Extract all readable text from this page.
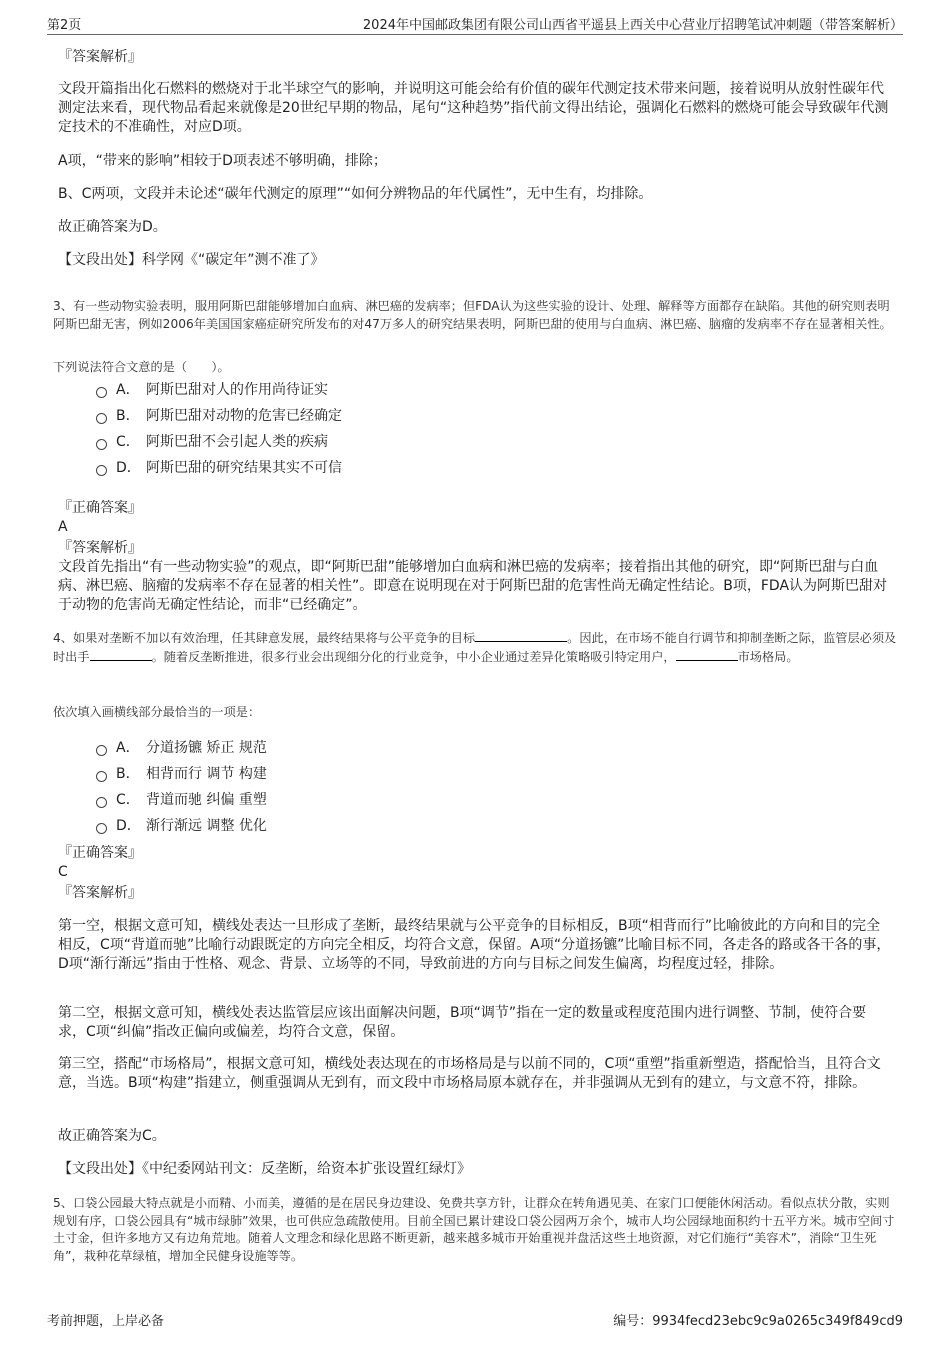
第2页	2024年中国邮政集团有限公司山西省平遥县上西关中心营业厅招聘笔试冲刺题（带答案解析）
『答案解析』
文段开篇指出化石燃料的燃烧对于北半球空气的影响，并说明这可能会给有价值的碳年代测定技术带来问题，接着说明从放射性碳年代测定法来看，现代物品看起来就像是20世纪早期的物品，尾句“这种趋势”指代前文得出结论，强调化石燃料的燃烧可能会导致碳年代测定技术的不准确性，对应D项。
A项，“带来的影响”相较于D项表述不够明确，排除；
B、C两项，文段并未论述“碳年代测定的原理”“如何分辨物品的年代属性”，无中生有，均排除。
故正确答案为D。
【文段出处】科学网《“碳定年”测不准了》
3、有一些动物实验表明，服用阿斯巴甜能够增加白血病、淋巴癌的发病率；但FDA认为这些实验的设计、处理、解释等方面都存在缺陷。其他的研究则表明阿斯巴甜无害，例如2006年美国国家癌症研究所发布的对47万多人的研究结果表明，阿斯巴甜的使用与白血病、淋巴癌、脑瘤的发病率不存在显著相关性。
下列说法符合文意的是（　　）。
A． 阿斯巴甜对人的作用尚待证实
B． 阿斯巴甜对动物的危害已经确定
C． 阿斯巴甜不会引起人类的疾病
D． 阿斯巴甜的研究结果其实不可信
『正确答案』
A
『答案解析』
文段首先指出“有一些动物实验”的观点，即“阿斯巴甜”能够增加白血病和淋巴癌的发病率；接着指出其他的研究，即“阿斯巴甜与白血病、淋巴癌、脑瘤的发病率不存在显著的相关性”。即意在说明现在对于阿斯巴甜的危害性尚无确定性结论。B项，FDA认为阿斯巴甜对于动物的危害尚无确定性结论，而非“已经确定”。
4、如果对垄断不加以有效治理，任其肆意发展，最终结果将与公平竞争的目标	。因此，在市场不能自行调节和抑制垄断之际，监管层必须及时出手	。随着反垄断推进，很多行业会出现细分化的行业竞争，中小企业通过差异化策略吸引特定用户，	市场格局。
依次填入画横线部分最恰当的一项是：
A． 分道扬镳 矫正 规范
B． 相背而行 调节 构建
C． 背道而驰 纠偏 重塑
D． 渐行渐远 调整 优化
『正确答案』
C
『答案解析』
第一空，根据文意可知，横线处表达一旦形成了垄断，最终结果就与公平竞争的目标相反，B项“相背而行”比喻彼此的方向和目的完全相反，C项“背道而驰”比喻行动跟既定的方向完全相反，均符合文意，保留。A项“分道扬镳”比喻目标不同，各走各的路或各干各的事，D项“渐行渐远”指由于性格、观念、背景、立场等的不同，导致前进的方向与目标之间发生偏离，均程度过轻，排除。
第二空，根据文意可知，横线处表达监管层应该出面解决问题，B项“调节”指在一定的数量或程度范围内进行调整、节制，使符合要求，C项“纠偏”指改正偏向或偏差，均符合文意，保留。
第三空，搭配“市场格局”，根据文意可知，横线处表达现在的市场格局是与以前不同的，C项“重塑”指重新塑造，搭配恰当，且符合文意，当选。B项“构建”指建立，侧重强调从无到有，而文段中市场格局原本就存在，并非强调从无到有的建立，与文意不符，排除。
故正确答案为C。
【文段出处】《中纪委网站刊文：反垄断，给资本扩张设置红绿灯》
5、口袋公园最大特点就是小而精、小而美，遵循的是在居民身边建设、免费共享方针，让群众在转角遇见美、在家门口便能休闲活动。看似点状分散，实则规划有序，口袋公园具有“城市绿肺”效果，也可供应急疏散使用。目前全国已累计建设口袋公园两万余个，城市人均公园绿地面积约十五平方米。城市空间寸土寸金，但许多地方又有边角荒地。随着人文理念和绿化思路不断更新，越来越多城市开始重视并盘活这些土地资源，对它们施行“美容术”，消除“卫生死角”，栽种花草绿植，增加全民健身设施等等。
考前押题，上岸必备	编号：9934fecd23ebc9c9a0265c349f849cd9
